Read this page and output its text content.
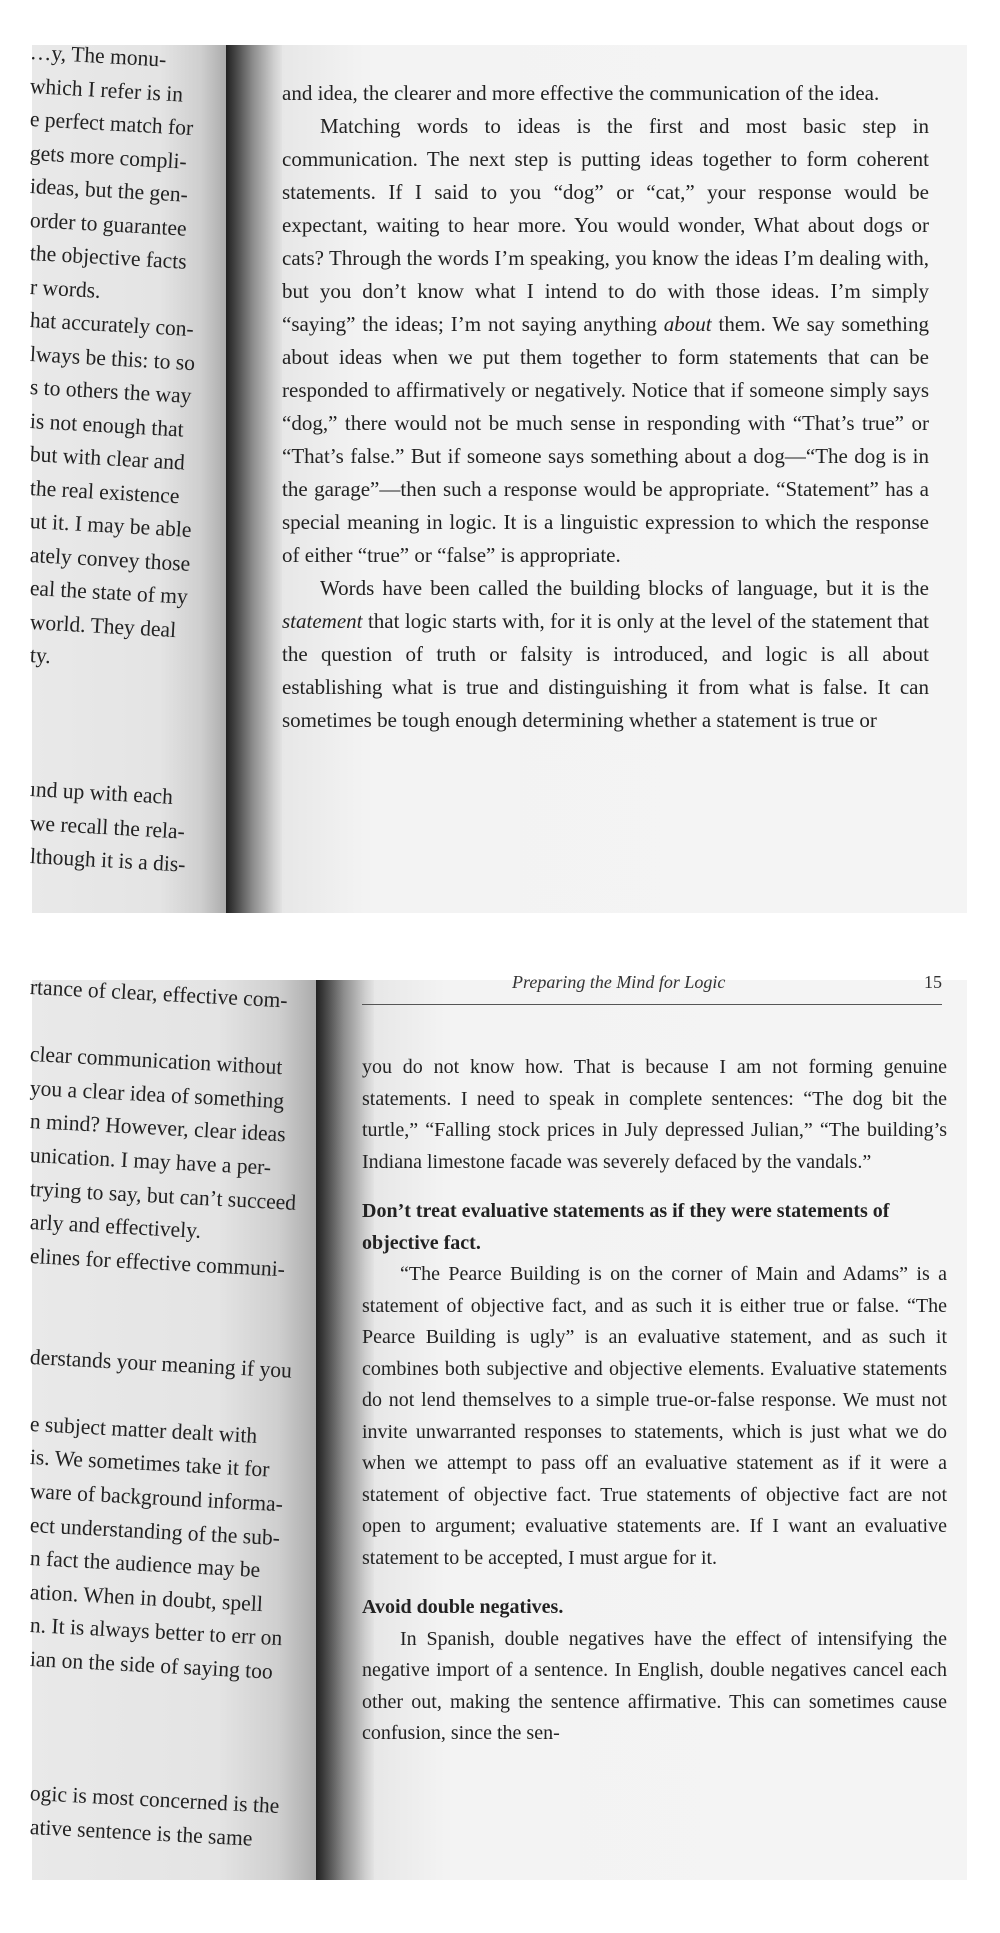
…y, The monu-
which I refer is in
e perfect match for
gets more compli-
ideas, but the gen-
order to guarantee
the objective facts
r words.
hat accurately con-
lways be this: to so
s to others the way
is not enough that
but with clear and
the real existence
ut it. I may be able
ately convey those
eal the state of my
world. They deal
ty.
ınd up with each
we recall the rela-
lthough it is a dis-

and idea, the clearer and more effective the communication of the idea.

Matching words to ideas is the first and most basic step in communication. The next step is putting ideas together to form coherent statements. If I said to you “dog” or “cat,” your response would be expectant, waiting to hear more. You would wonder, What about dogs or cats? Through the words I’m speaking, you know the ideas I’m dealing with, but you don’t know what I intend to do with those ideas. I’m simply “saying” the ideas; I’m not saying anything about them. We say something about ideas when we put them together to form statements that can be responded to affirmatively or negatively. Notice that if someone simply says “dog,” there would not be much sense in responding with “That’s true” or “That’s false.” But if someone says something about a dog—“The dog is in the garage”—then such a response would be appropriate. “Statement” has a special meaning in logic. It is a linguistic expression to which the response of either “true” or “false” is appropriate.

Words have been called the building blocks of language, but it is the statement that logic starts with, for it is only at the level of the statement that the question of truth or falsity is introduced, and logic is all about establishing what is true and distinguishing it from what is false. It can sometimes be tough enough determining whether a statement is true or

rtance of clear, effective com-
clear communication without
you a clear idea of something
n mind? However, clear ideas
unication. I may have a per-
trying to say, but can’t succeed
arly and effectively.
elines for effective communi-
derstands your meaning if you
e subject matter dealt with
is. We sometimes take it for
ware of background informa-
ect understanding of the sub-
n fact the audience may be
ation. When in doubt, spell
n. It is always better to err on
ian on the side of saying too
ogic is most concerned is the
ative sentence is the same
Preparing the Mind for Logic	15

you do not know how. That is because I am not forming genuine statements. I need to speak in complete sentences: “The dog bit the turtle,” “Falling stock prices in July depressed Julian,” “The building’s Indiana limestone facade was severely defaced by the vandals.”

Don’t treat evaluative statements as if they were statements of objective fact.

“The Pearce Building is on the corner of Main and Adams” is a statement of objective fact, and as such it is either true or false. “The Pearce Building is ugly” is an evaluative statement, and as such it combines both subjective and objective elements. Evaluative statements do not lend themselves to a simple true-or-false response. We must not invite unwarranted responses to statements, which is just what we do when we attempt to pass off an evaluative statement as if it were a statement of objective fact. True statements of objective fact are not open to argument; evaluative statements are. If I want an evaluative statement to be accepted, I must argue for it.

Avoid double negatives.

In Spanish, double negatives have the effect of intensifying the negative import of a sentence. In English, double negatives cancel each other out, making the sentence affirmative. This can sometimes cause confusion, since the sen-
